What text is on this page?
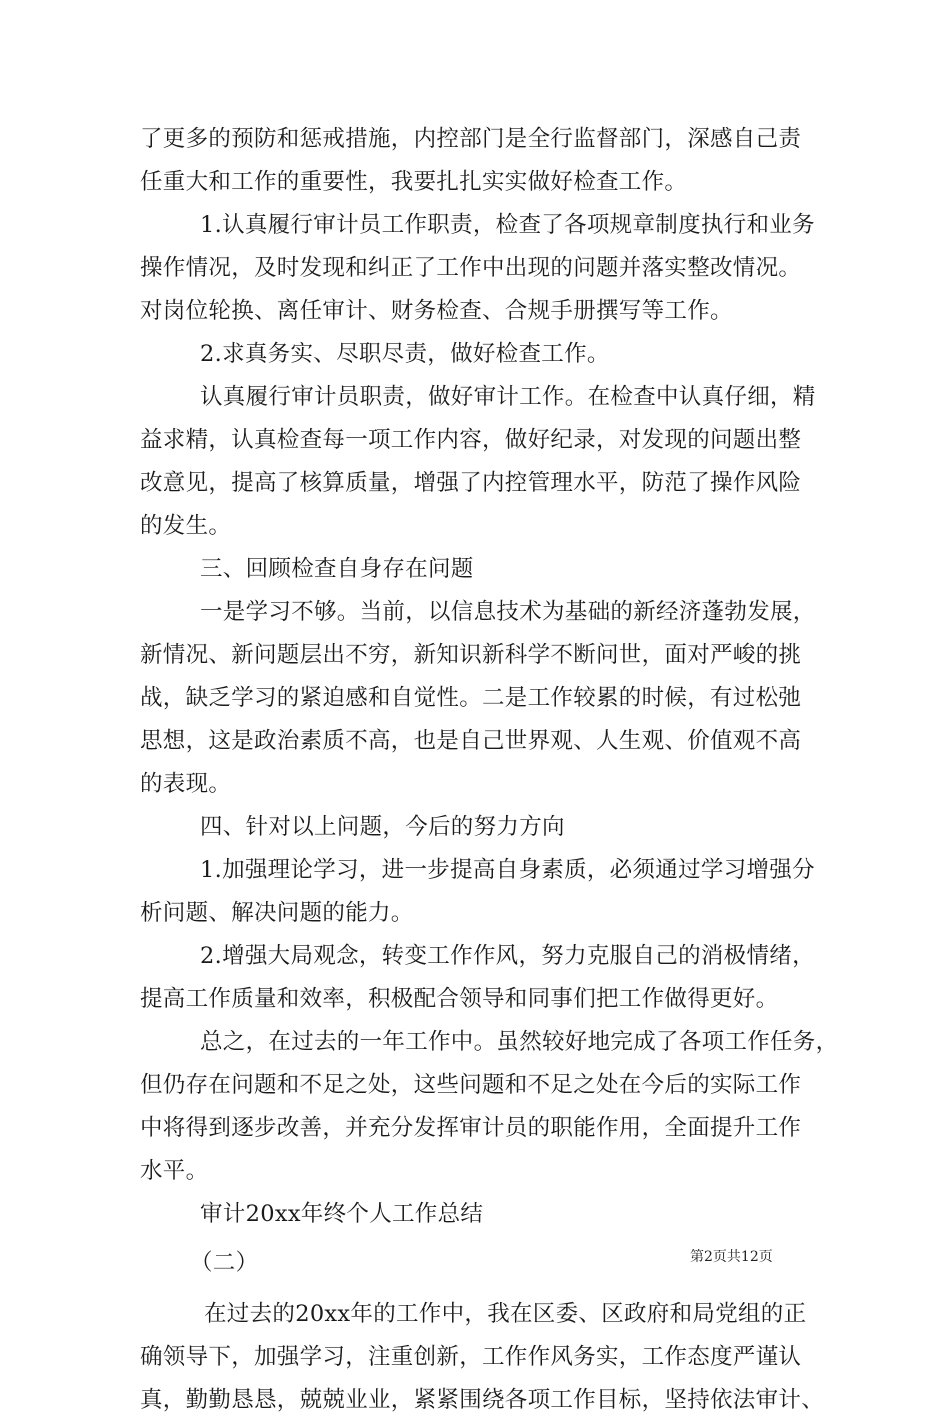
了更多的预防和惩戒措施，内控部门是全行监督部门，深感自己责
任重大和工作的重要性，我要扎扎实实做好检查工作。
1.认真履行审计员工作职责，检查了各项规章制度执行和业务
操作情况，及时发现和纠正了工作中出现的问题并落实整改情况。
对岗位轮换、离任审计、财务检查、合规手册撰写等工作。
2.求真务实、尽职尽责，做好检查工作。
认真履行审计员职责，做好审计工作。在检查中认真仔细，精
益求精，认真检查每一项工作内容，做好纪录，对发现的问题出整
改意见，提高了核算质量，增强了内控管理水平，防范了操作风险
的发生。
三、回顾检查自身存在问题
一是学习不够。当前，以信息技术为基础的新经济蓬勃发展，
新情况、新问题层出不穷，新知识新科学不断问世，面对严峻的挑
战，缺乏学习的紧迫感和自觉性。二是工作较累的时候，有过松弛
思想，这是政治素质不高，也是自己世界观、人生观、价值观不高
的表现。
四、针对以上问题，今后的努力方向
1.加强理论学习，进一步提高自身素质，必须通过学习增强分
析问题、解决问题的能力。
2.增强大局观念，转变工作作风，努力克服自己的消极情绪，
提高工作质量和效率，积极配合领导和同事们把工作做得更好。
总之，在过去的一年工作中。虽然较好地完成了各项工作任务，
但仍存在问题和不足之处，这些问题和不足之处在今后的实际工作
中将得到逐步改善，并充分发挥审计员的职能作用，全面提升工作
水平。
审计20xx年终个人工作总结
（二）
在过去的20xx年的工作中，我在区委、区政府和局党组的正
确领导下，加强学习，注重创新，工作作风务实，工作态度严谨认
真，勤勤恳恳，兢兢业业，紧紧围绕各项工作目标，坚持依法审计、
第2页共12页
